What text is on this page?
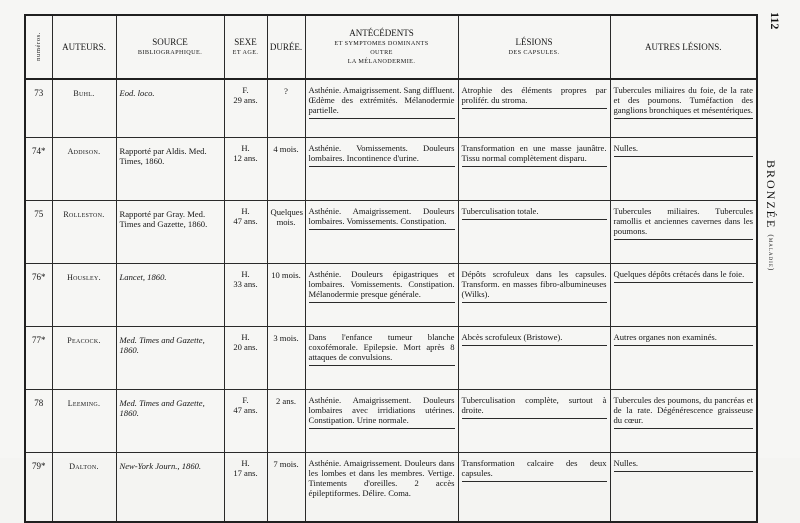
numéros.	AUTEURS.	SOURCE
BIBLIOGRAPHIQUE.	SEXE
ET AGE.	DURÉE.	ANTÉCÉDENTS
ET SYMPTOMES DOMINANTS
OUTRE
LA MÉLANODERMIE.	LÉSIONS
DES CAPSULES.	AUTRES LÉSIONS.

73	Buhl.	Eod. loco.	F.
29 ans.	?	Asthénie. Amaigrissement. Sang diffluent. Œdème des extrémités. Mélanodermie partielle.	Atrophie des éléments propres par prolifér. du stroma.	Tubercules miliaires du foie, de la rate et des poumons. Tuméfaction des ganglions bronchiques et mésentériques.

74*	Addison.	Rapporté par Aldis. Med. Times, 1860.	H.
12 ans.	4 mois.	Asthénie. Vomissements. Douleurs lombaires. Incontinence d'urine.	Transformation en une masse jaunâtre. Tissu normal complètement disparu.	Nulles.

75	Rolleston.	Rapporté par Gray. Med. Times and Gazette, 1860.	H.
47 ans.	Quelques mois.	Asthénie. Amaigrissement. Douleurs lombaires. Vomissements. Constipation.	Tuberculisation totale.	Tubercules miliaires. Tubercules ramollis et anciennes cavernes dans les poumons.

76*	Housley.	Lancet, 1860.	H.
33 ans.	10 mois.	Asthénie. Douleurs épigastriques et lombaires. Vomissements. Constipation. Mélanodermie presque générale.	Dépôts scrofuleux dans les capsules. Transform. en masses fibro-albumineuses (Wilks).	Quelques dépôts crétacés dans le foie.

77*	Peacock.	Med. Times and Gazette, 1860.	H.
20 ans.	3 mois.	Dans l'enfance tumeur blanche coxofémorale. Epilepsie. Mort après 8 attaques de convulsions.	Abcès scrofuleux (Bristowe).	Autres organes non examinés.

78	Leeming.	Med. Times and Gazette, 1860.	F.
47 ans.	2 ans.	Asthénie. Amaigrissement. Douleurs lombaires avec irridiations utérines. Constipation. Urine normale.	Tuberculisation complète, surtout à droite.	Tubercules des poumons, du pancréas et de la rate. Dégénérescence graisseuse du cœur.

79*	Dalton.	New-York Journ., 1860.	H.
17 ans.	7 mois.	Asthénie. Amaigrissement. Douleurs dans les lombes et dans les membres. Vertige. Tintements d'oreilles. 2 accès épileptiformes. Délire. Coma.	Transformation calcaire des deux capsules.	Nulles.
112
BRONZÉE (maladie)
